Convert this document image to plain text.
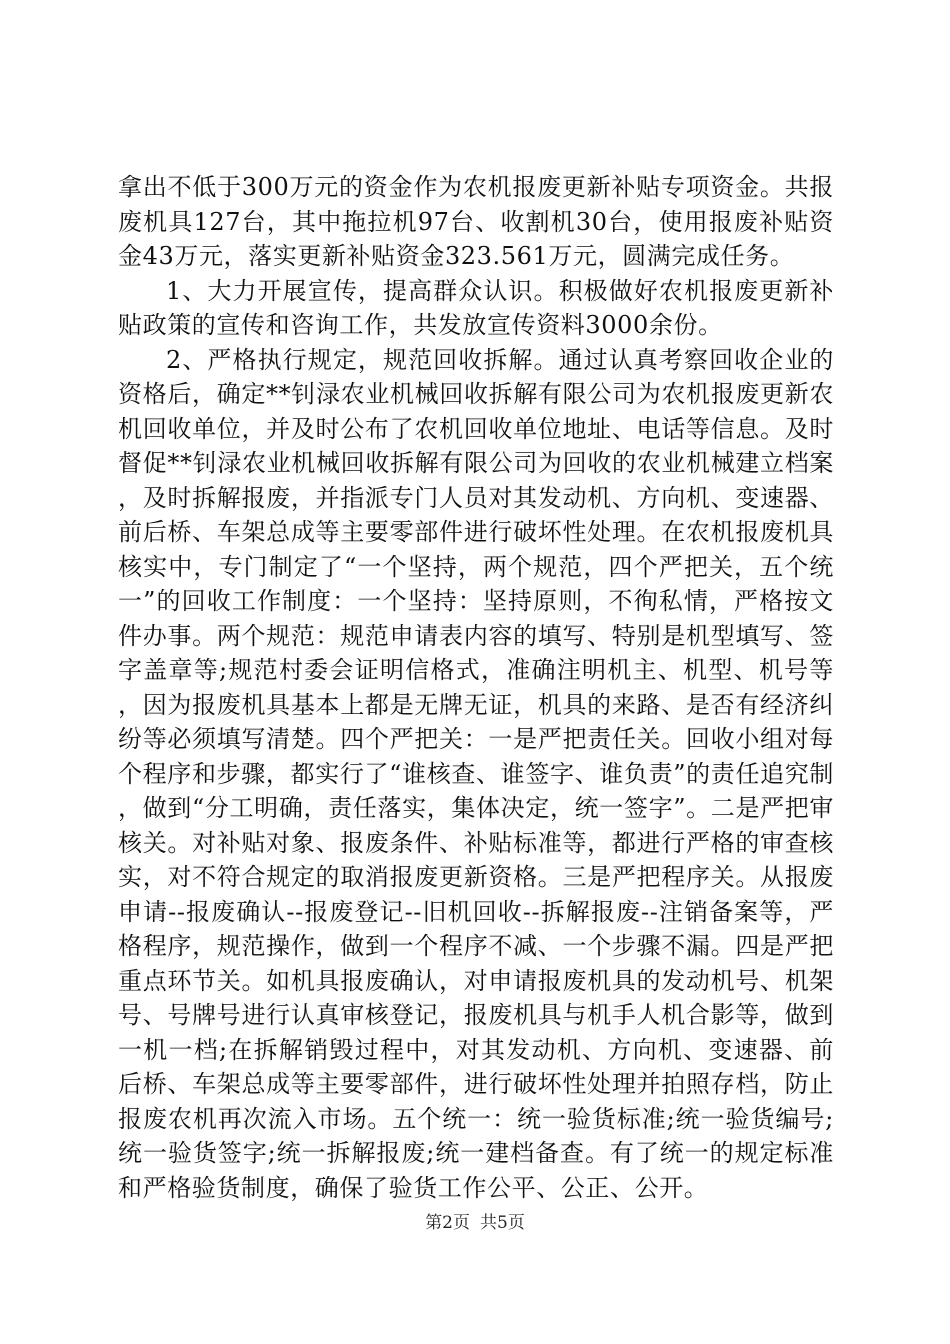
拿出不低于300万元的资金作为农机报废更新补贴专项资金。共报废机具127台，其中拖拉机97台、收割机30台，使用报废补贴资金43万元，落实更新补贴资金323.561万元，圆满完成任务。

1、大力开展宣传，提高群众认识。积极做好农机报废更新补贴政策的宣传和咨询工作，共发放宣传资料3000余份。

2、严格执行规定，规范回收拆解。通过认真考察回收企业的资格后，确定**钊渌农业机械回收拆解有限公司为农机报废更新农机回收单位，并及时公布了农机回收单位地址、电话等信息。及时督促**钊渌农业机械回收拆解有限公司为回收的农业机械建立档案，及时拆解报废，并指派专门人员对其发动机、方向机、变速器、前后桥、车架总成等主要零部件进行破坏性处理。在农机报废机具核实中，专门制定了“一个坚持，两个规范，四个严把关，五个统一”的回收工作制度：一个坚持：坚持原则，不徇私情，严格按文件办事。两个规范：规范申请表内容的填写、特别是机型填写、签字盖章等;规范村委会证明信格式，准确注明机主、机型、机号等，因为报废机具基本上都是无牌无证，机具的来路、是否有经济纠纷等必须填写清楚。四个严把关：一是严把责任关。回收小组对每个程序和步骤，都实行了“谁核查、谁签字、谁负责”的责任追究制，做到“分工明确，责任落实，集体决定，统一签字”。二是严把审核关。对补贴对象、报废条件、补贴标准等，都进行严格的审查核实，对不符合规定的取消报废更新资格。三是严把程序关。从报废申请--报废确认--报废登记--旧机回收--拆解报废--注销备案等，严格程序，规范操作，做到一个程序不减、一个步骤不漏。四是严把重点环节关。如机具报废确认，对申请报废机具的发动机号、机架号、号牌号进行认真审核登记，报废机具与机手人机合影等，做到一机一档;在拆解销毁过程中，对其发动机、方向机、变速器、前后桥、车架总成等主要零部件，进行破坏性处理并拍照存档，防止报废农机再次流入市场。五个统一：统一验货标准;统一验货编号;统一验货签字;统一拆解报废;统一建档备查。有了统一的规定标准和严格验货制度，确保了验货工作公平、公正、公开。

第2页 共5页
